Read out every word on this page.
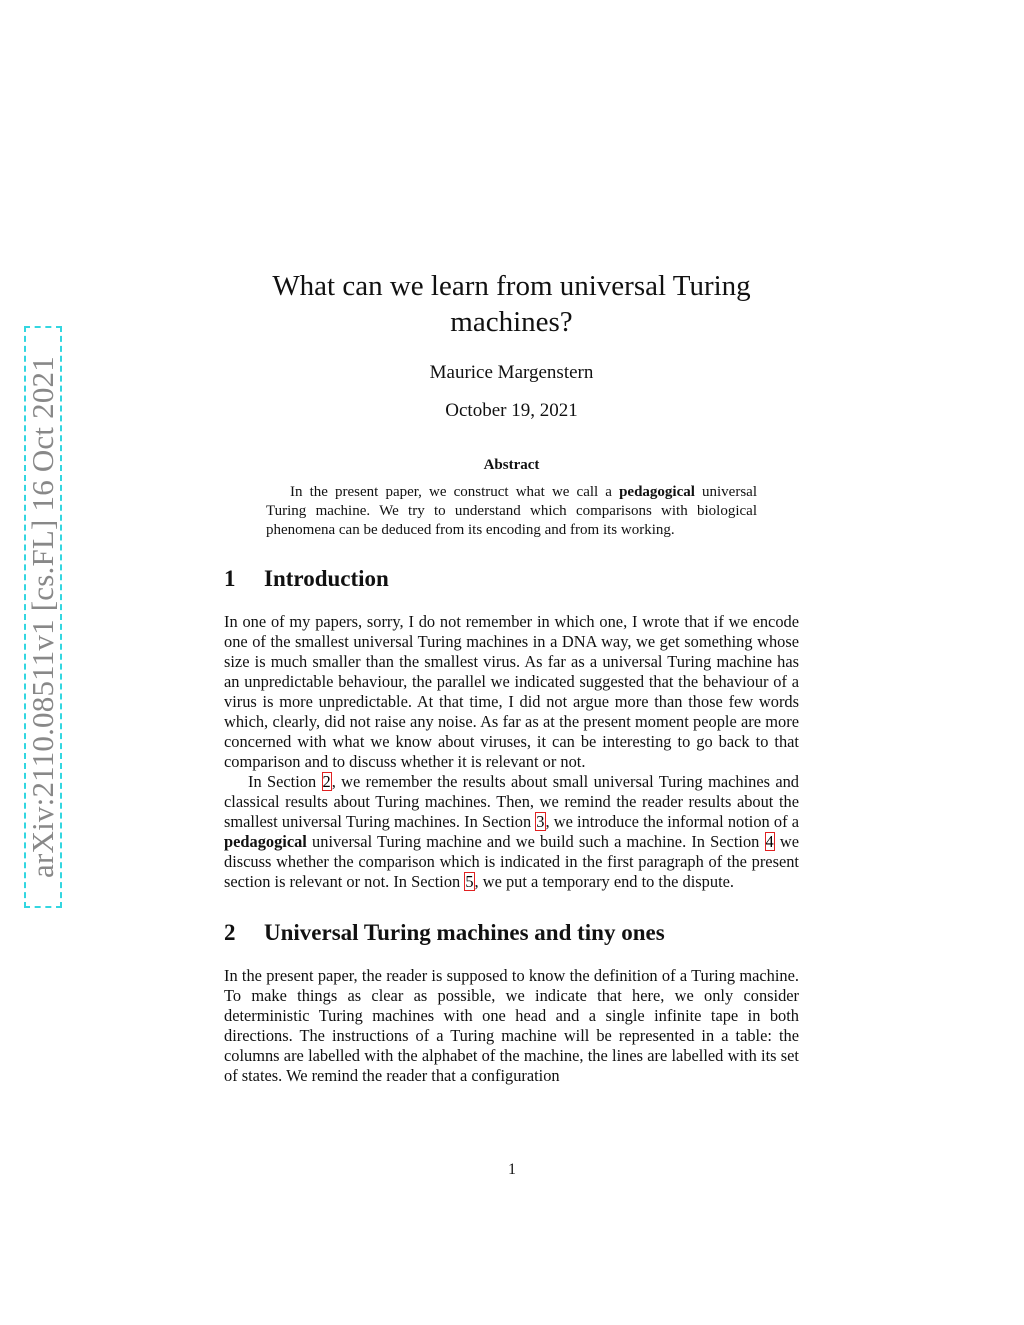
arXiv:2110.08511v1 [cs.FL] 16 Oct 2021
What can we learn from universal Turing machines?
Maurice Margenstern
October 19, 2021
Abstract
In the present paper, we construct what we call a pedagogical universal Turing machine. We try to understand which comparisons with biological phenomena can be deduced from its encoding and from its working.
1	Introduction

In one of my papers, sorry, I do not remember in which one, I wrote that if we encode one of the smallest universal Turing machines in a DNA way, we get something whose size is much smaller than the smallest virus. As far as a universal Turing machine has an unpredictable behaviour, the parallel we indicated suggested that the behaviour of a virus is more unpredictable. At that time, I did not argue more than those few words which, clearly, did not raise any noise. As far as at the present moment people are more concerned with what we know about viruses, it can be interesting to go back to that comparison and to discuss whether it is relevant or not.

In Section 2, we remember the results about small universal Turing machines and classical results about Turing machines. Then, we remind the reader results about the smallest universal Turing machines. In Section 3, we introduce the informal notion of a pedagogical universal Turing machine and we build such a machine. In Section 4 we discuss whether the comparison which is indicated in the first paragraph of the present section is relevant or not. In Section 5, we put a temporary end to the dispute.

2	Universal Turing machines and tiny ones

In the present paper, the reader is supposed to know the definition of a Turing machine. To make things as clear as possible, we indicate that here, we only consider deterministic Turing machines with one head and a single infinite tape in both directions. The instructions of a Turing machine will be represented in a table: the columns are labelled with the alphabet of the machine, the lines are labelled with its set of states. We remind the reader that a configuration

1
